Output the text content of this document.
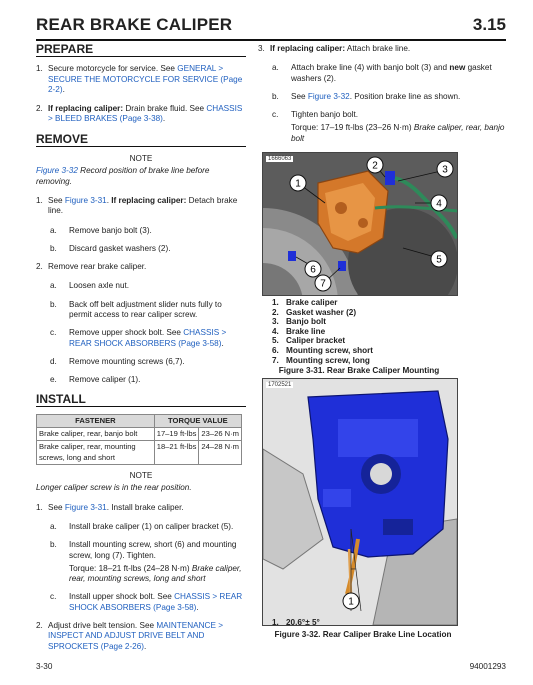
REAR BRAKE CALIPER	3.15
PREPARE
1. Secure motorcycle for service. See GENERAL > SECURE THE MOTORCYCLE FOR SERVICE (Page 2-2).
2. If replacing caliper: Drain brake fluid. See CHASSIS > BLEED BRAKES (Page 3-38).
REMOVE
NOTE
Figure 3-32 Record position of brake line before removing.
1. See Figure 3-31. If replacing caliper: Detach brake line.
a. Remove banjo bolt (3).
b. Discard gasket washers (2).
2. Remove rear brake caliper.
a. Loosen axle nut.
b. Back off belt adjustment slider nuts fully to permit access to rear caliper screw.
c. Remove upper shock bolt. See CHASSIS > REAR SHOCK ABSORBERS (Page 3-58).
d. Remove mounting screws (6,7).
e. Remove caliper (1).
INSTALL
FASTENER	TORQUE VALUE	
Brake caliper, rear, banjo bolt	17–19 ft-lbs	23–26 N·m
Brake caliper, rear, mounting screws, long and short	18–21 ft-lbs	24–28 N·m
NOTE
Longer caliper screw is in the rear position.
1. See Figure 3-31. Install brake caliper.
a. Install brake caliper (1) on caliper bracket (5).
b. Install mounting screw, short (6) and mounting screw, long (7). Tighten.
Torque: 18–21 ft-lbs (24–28 N·m) Brake caliper, rear, mounting screws, long and short
c. Install upper shock bolt. See CHASSIS > REAR SHOCK ABSORBERS (Page 3-58).
2. Adjust drive belt tension. See MAINTENANCE > INSPECT AND ADJUST DRIVE BELT AND SPROCKETS (Page 2-26).
3. If replacing caliper: Attach brake line.
a. Attach brake line (4) with banjo bolt (3) and new gasket washers (2).
b. See Figure 3-32. Position brake line as shown.
c. Tighten banjo bolt.
Torque: 17–19 ft-lbs (23–26 N·m) Brake caliper, rear, banjo bolt
1
2	3
4
5
6
7
1666063
1. Brake caliper
2. Gasket washer (2)
3. Banjo bolt
4. Brake line
5. Caliper bracket
6. Mounting screw, short
7. Mounting screw, long
Figure 3-31. Rear Brake Caliper Mounting
1
1702521
1. 20.6°± 5°
Figure 3-32. Rear Caliper Brake Line Location
3-30	94001293
